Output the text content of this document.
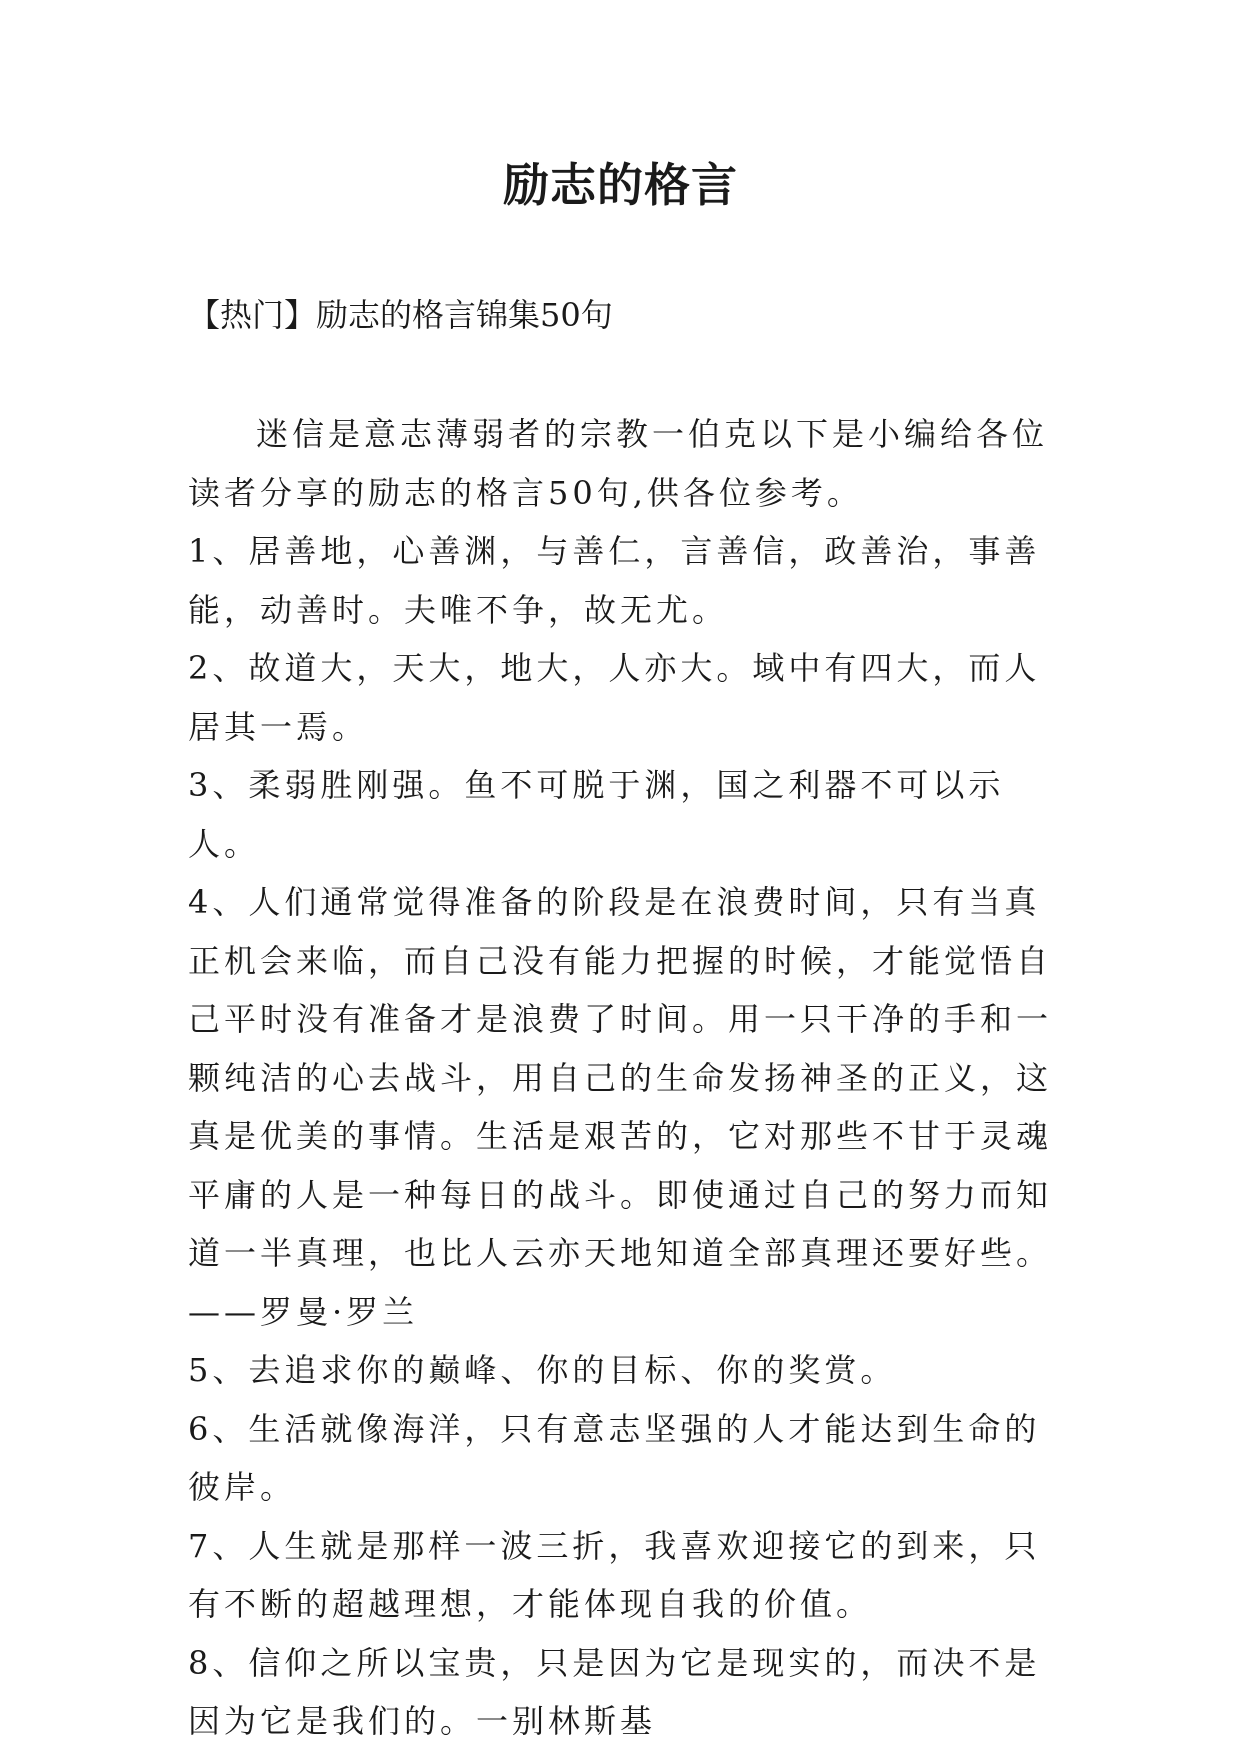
励志的格言

【热门】励志的格言锦集50句

迷信是意志薄弱者的宗教一伯克以下是小编给各位读者分享的励志的格言50句,供各位参考。

1、居善地，心善渊，与善仁，言善信，政善治，事善能，动善时。夫唯不争，故无尤。

2、故道大，天大，地大，人亦大。域中有四大，而人居其一焉。

3、柔弱胜刚强。鱼不可脱于渊，国之利器不可以示人。

4、人们通常觉得准备的阶段是在浪费时间，只有当真正机会来临，而自己没有能力把握的时候，才能觉悟自己平时没有准备才是浪费了时间。用一只干净的手和一颗纯洁的心去战斗，用自己的生命发扬神圣的正义，这真是优美的事情。生活是艰苦的，它对那些不甘于灵魂平庸的人是一种每日的战斗。即使通过自己的努力而知道一半真理，也比人云亦天地知道全部真理还要好些。——罗曼·罗兰

5、去追求你的巅峰、你的目标、你的奖赏。

6、生活就像海洋，只有意志坚强的人才能达到生命的彼岸。

7、人生就是那样一波三折，我喜欢迎接它的到来，只有不断的超越理想，才能体现自我的价值。

8、信仰之所以宝贵，只是因为它是现实的，而决不是因为它是我们的。一别林斯基
